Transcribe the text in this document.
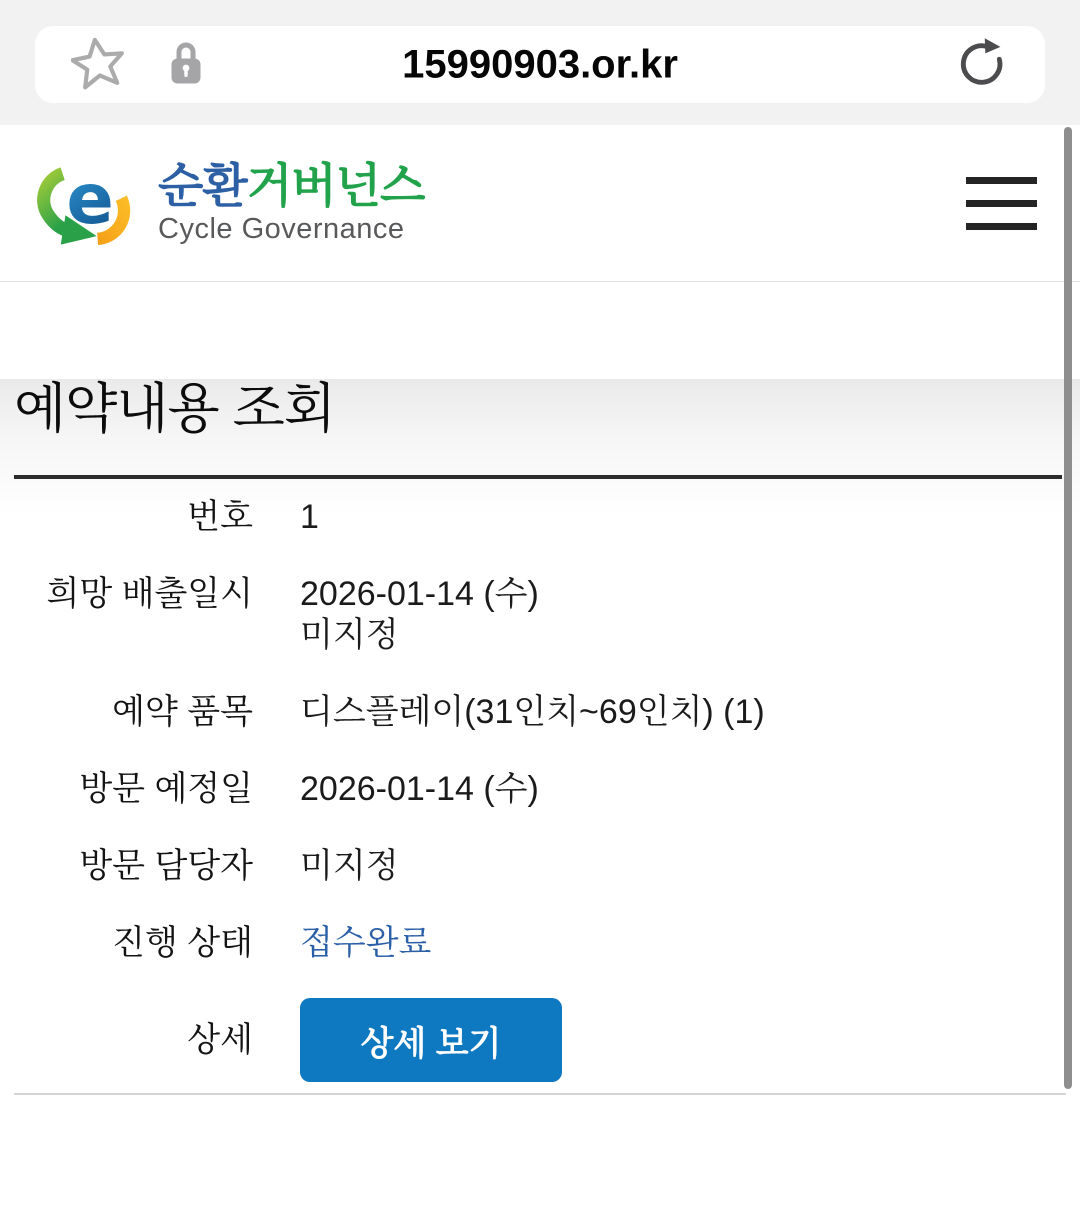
15990903.or.kr
e 순환거버넌스
Cycle Governance
예약내용 조회
번호 1
희망 배출일시 2026-01-14 (수)
미지정
예약 품목 디스플레이(31인치~69인치) (1)
방문 예정일 2026-01-14 (수)
방문 담당자 미지정
진행 상태 접수완료
상세	상세 보기
